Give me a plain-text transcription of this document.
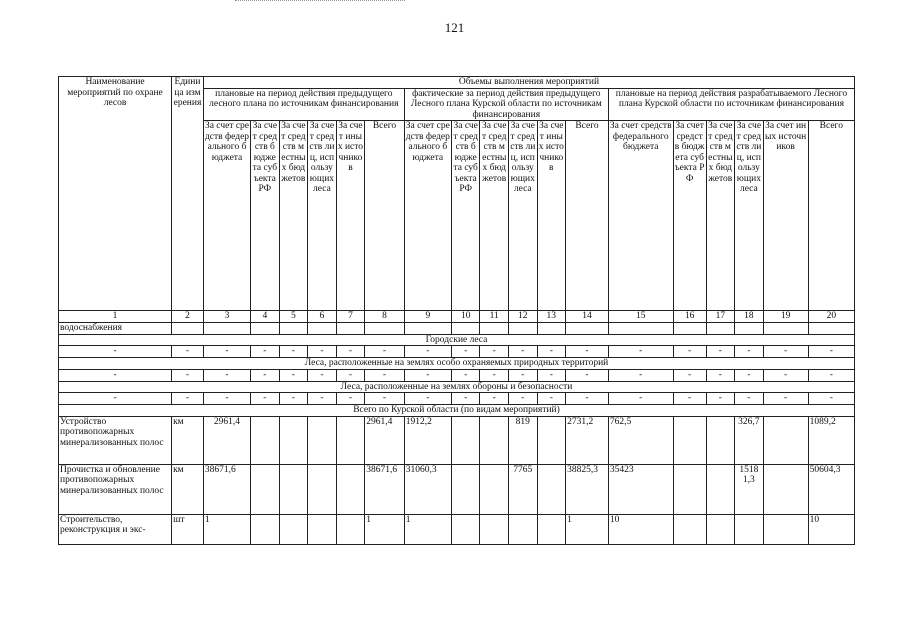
121
Наименование мероприятий по охране лесов	Единица измерения	Объемы выполнения мероприятий																	
		плановые на период действия предыдущего лесного плана по источникам финансирования						фактические за период действия предыдущего Лесного плана Курской области по источникам финансирования						плановые на период действия разрабатываемого Лесного плана Курской области по источникам финансирования					
		За счет средств федерального бюджета	За счет средств бюджета субъекта РФ	За счет средств местных бюджетов	За счет средств лиц, использующих леса	За счет иных источников	Всего	За счет средств федерального бюджета	За счет средств бюджета субъекта РФ	За счет средств местных бюджетов	За счет средств лиц, использующих леса	За счет иных источников	Всего	За счет средств федерального бюджета	За счет средств бюджета субъекта РФ	За счет средств местных бюджетов	За счет средств лиц, использующих леса	За счет иных источников	Всего
1	2	3	4	5	6	7	8	9	10	11	12	13	14	15	16	17	18	19	20
водоснабжения																			
Городские леса																			
-	-	-	-	-	-	-	-	-	-	-	-	-	-	-	-	-	-	-	-
Леса, расположенные на землях особо охраняемых природных территорий																			
-	-	-	-	-	-	-	-	-	-	-	-	-	-	-	-	-	-	-	-
Леса, расположенные на землях обороны и безопасности																			
-	-	-	-	-	-	-	-	-	-	-	-	-	-	-	-	-	-	-	-
Всего по Курской области (по видам мероприятий)																			
Устройство противопожарных минерализованных полос	км	2961,4					2961,4	1912,2			819		2731,2	762,5			326,7		1089,2
Прочистка и обновление противопожарных минерализованных полос	км	38671,6					38671,6	31060,3			7765		38825,3	35423			15181,3		50604,3
Строительство, реконструкция и экс-	шт	1					1	1					1	10					10
